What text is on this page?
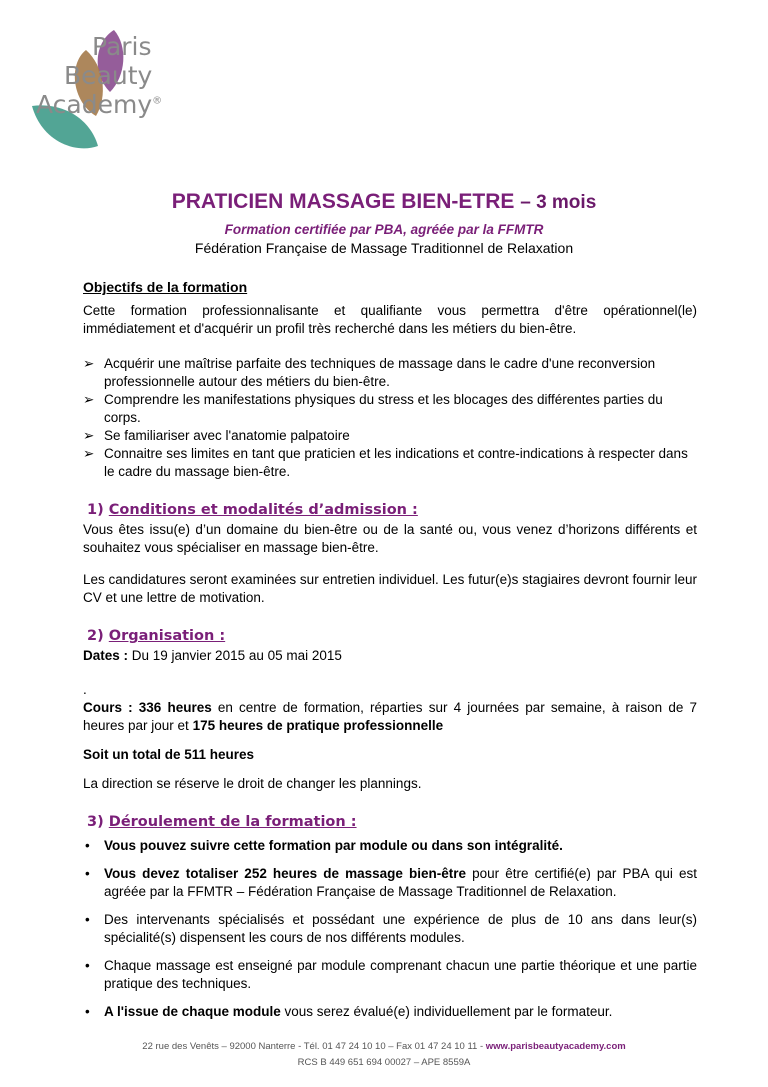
Paris
Beauty
Academy®
PRATICIEN MASSAGE BIEN-ETRE – 3 mois
Formation certifiée par PBA, agréée par la FFMTR
Fédération Française de Massage Traditionnel de Relaxation
Objectifs de la formation

Cette formation professionnalisante et qualifiante vous permettra d'être opérationnel(le) immédiatement et d'acquérir un profil très recherché dans les métiers du bien-être.

➢ Acquérir une maîtrise parfaite des techniques de massage dans le cadre d'une reconversion professionnelle autour des métiers du bien-être.
➢ Comprendre les manifestations physiques du stress et les blocages des différentes parties du corps.
➢ Se familiariser avec l'anatomie palpatoire
➢ Connaitre ses limites en tant que praticien et les indications et contre-indications à respecter dans le cadre du massage bien-être.
1) Conditions et modalités d’admission :

Vous êtes issu(e) d’un domaine du bien-être ou de la santé ou, vous venez d’horizons différents et souhaitez vous spécialiser en massage bien-être.

Les candidatures seront examinées sur entretien individuel. Les futur(e)s stagiaires devront fournir leur CV et une lettre de motivation.

2) Organisation :

Dates : Du 19 janvier 2015 au 05 mai 2015

.

Cours : 336 heures en centre de formation, réparties sur 4 journées par semaine, à raison de 7 heures par jour et 175 heures de pratique professionnelle

Soit un total de 511 heures

La direction se réserve le droit de changer les plannings.

3) Déroulement de la formation :
• Vous pouvez suivre cette formation par module ou dans son intégralité.
• Vous devez totaliser 252 heures de massage bien-être pour être certifié(e) par PBA qui est agréée par la FFMTR – Fédération Française de Massage Traditionnel de Relaxation.
• Des intervenants spécialisés et possédant une expérience de plus de 10 ans dans leur(s) spécialité(s) dispensent les cours de nos différents modules.
• Chaque massage est enseigné par module comprenant chacun une partie théorique et une partie pratique des techniques.
• A l'issue de chaque module vous serez évalué(e) individuellement par le formateur.
22 rue des Venêts – 92000 Nanterre - Tél. 01 47 24 10 10 – Fax 01 47 24 10 11 - www.parisbeautyacademy.com
RCS B 449 651 694 00027 – APE 8559A
